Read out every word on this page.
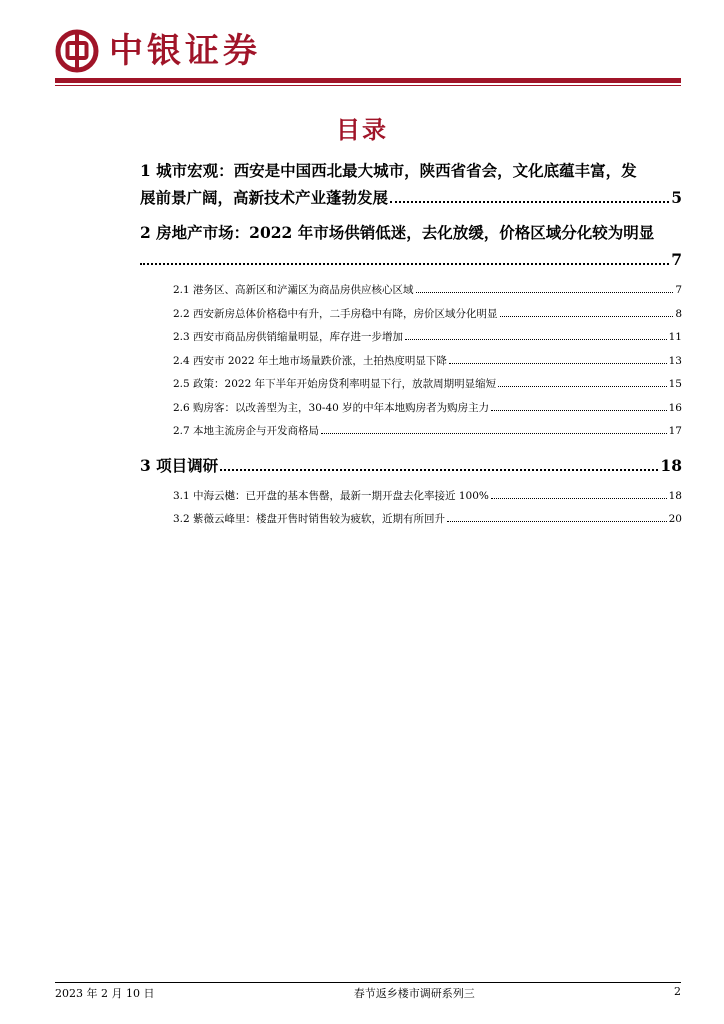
中银证券
目录
1 城市宏观：西安是中国西北最大城市，陕西省省会，文化底蕴丰富，发
展前景广阔，高新技术产业蓬勃发展	5
2 房地产市场：2022 年市场供销低迷，去化放缓，价格区域分化较为明显
7
2.1 港务区、高新区和浐灞区为商品房供应核心区域	7
2.2 西安新房总体价格稳中有升，二手房稳中有降，房价区域分化明显	8
2.3 西安市商品房供销缩量明显，库存进一步增加	11
2.4 西安市 2022 年土地市场量跌价涨，土拍热度明显下降	13
2.5 政策：2022 年下半年开始房贷利率明显下行，放款周期明显缩短	15
2.6 购房客：以改善型为主，30-40 岁的中年本地购房者为购房主力	16
2.7 本地主流房企与开发商格局	17
3 项目调研	18
3.1 中海云樾：已开盘的基本售罄，最新一期开盘去化率接近 100%	18
3.2 紫薇云峰里：楼盘开售时销售较为疲软，近期有所回升	20
2023 年 2 月 10 日	春节返乡楼市调研系列三	2
